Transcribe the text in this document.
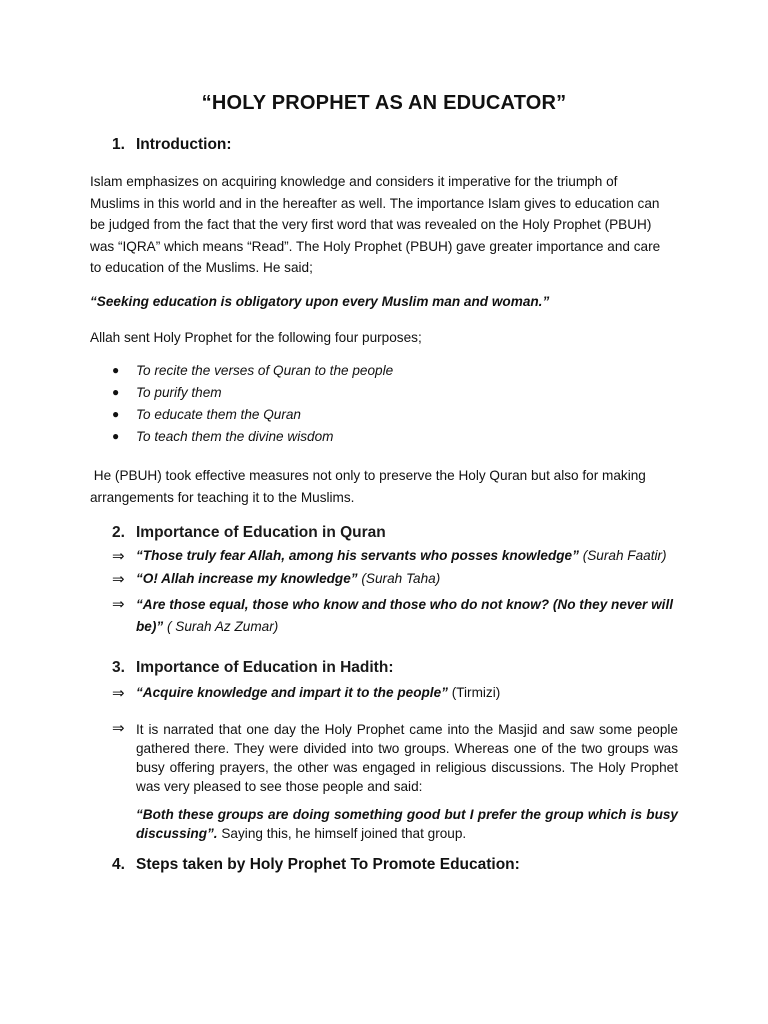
“HOLY PROPHET AS AN EDUCATOR”
1. Introduction:
Islam emphasizes on acquiring knowledge and considers it imperative for the triumph of
Muslims in this world and in the hereafter as well. The importance Islam gives to education can
be judged from the fact that the very first word that was revealed on the Holy Prophet (PBUH)
was “IQRA” which means “Read”. The Holy Prophet (PBUH) gave greater importance and care
to education of the Muslims. He said;
“Seeking education is obligatory upon every Muslim man and woman.”
Allah sent Holy Prophet for the following four purposes;
● To recite the verses of Quran to the people
● To purify them
● To educate them the Quran
● To teach them the divine wisdom
He (PBUH) took effective measures not only to preserve the Holy Quran but also for making
arrangements for teaching it to the Muslims.
2. Importance of Education in Quran
⇒ “Those truly fear Allah, among his servants who posses knowledge” (Surah Faatir)
⇒ “O! Allah increase my knowledge” (Surah Taha)
⇒ “Are those equal, those who know and those who do not know? (No they never will
be)” ( Surah Az Zumar)
3. Importance of Education in Hadith:
⇒ “Acquire knowledge and impart it to the people” (Tirmizi)
⇒ It is narrated that one day the Holy Prophet came into the Masjid and saw some people gathered there. They were divided into two groups. Whereas one of the two groups was busy offering prayers, the other was engaged in religious discussions. The Holy Prophet was very pleased to see those people and said:
“Both these groups are doing something good but I prefer the group which is busy discussing”. Saying this, he himself joined that group.
4. Steps taken by Holy Prophet To Promote Education:
